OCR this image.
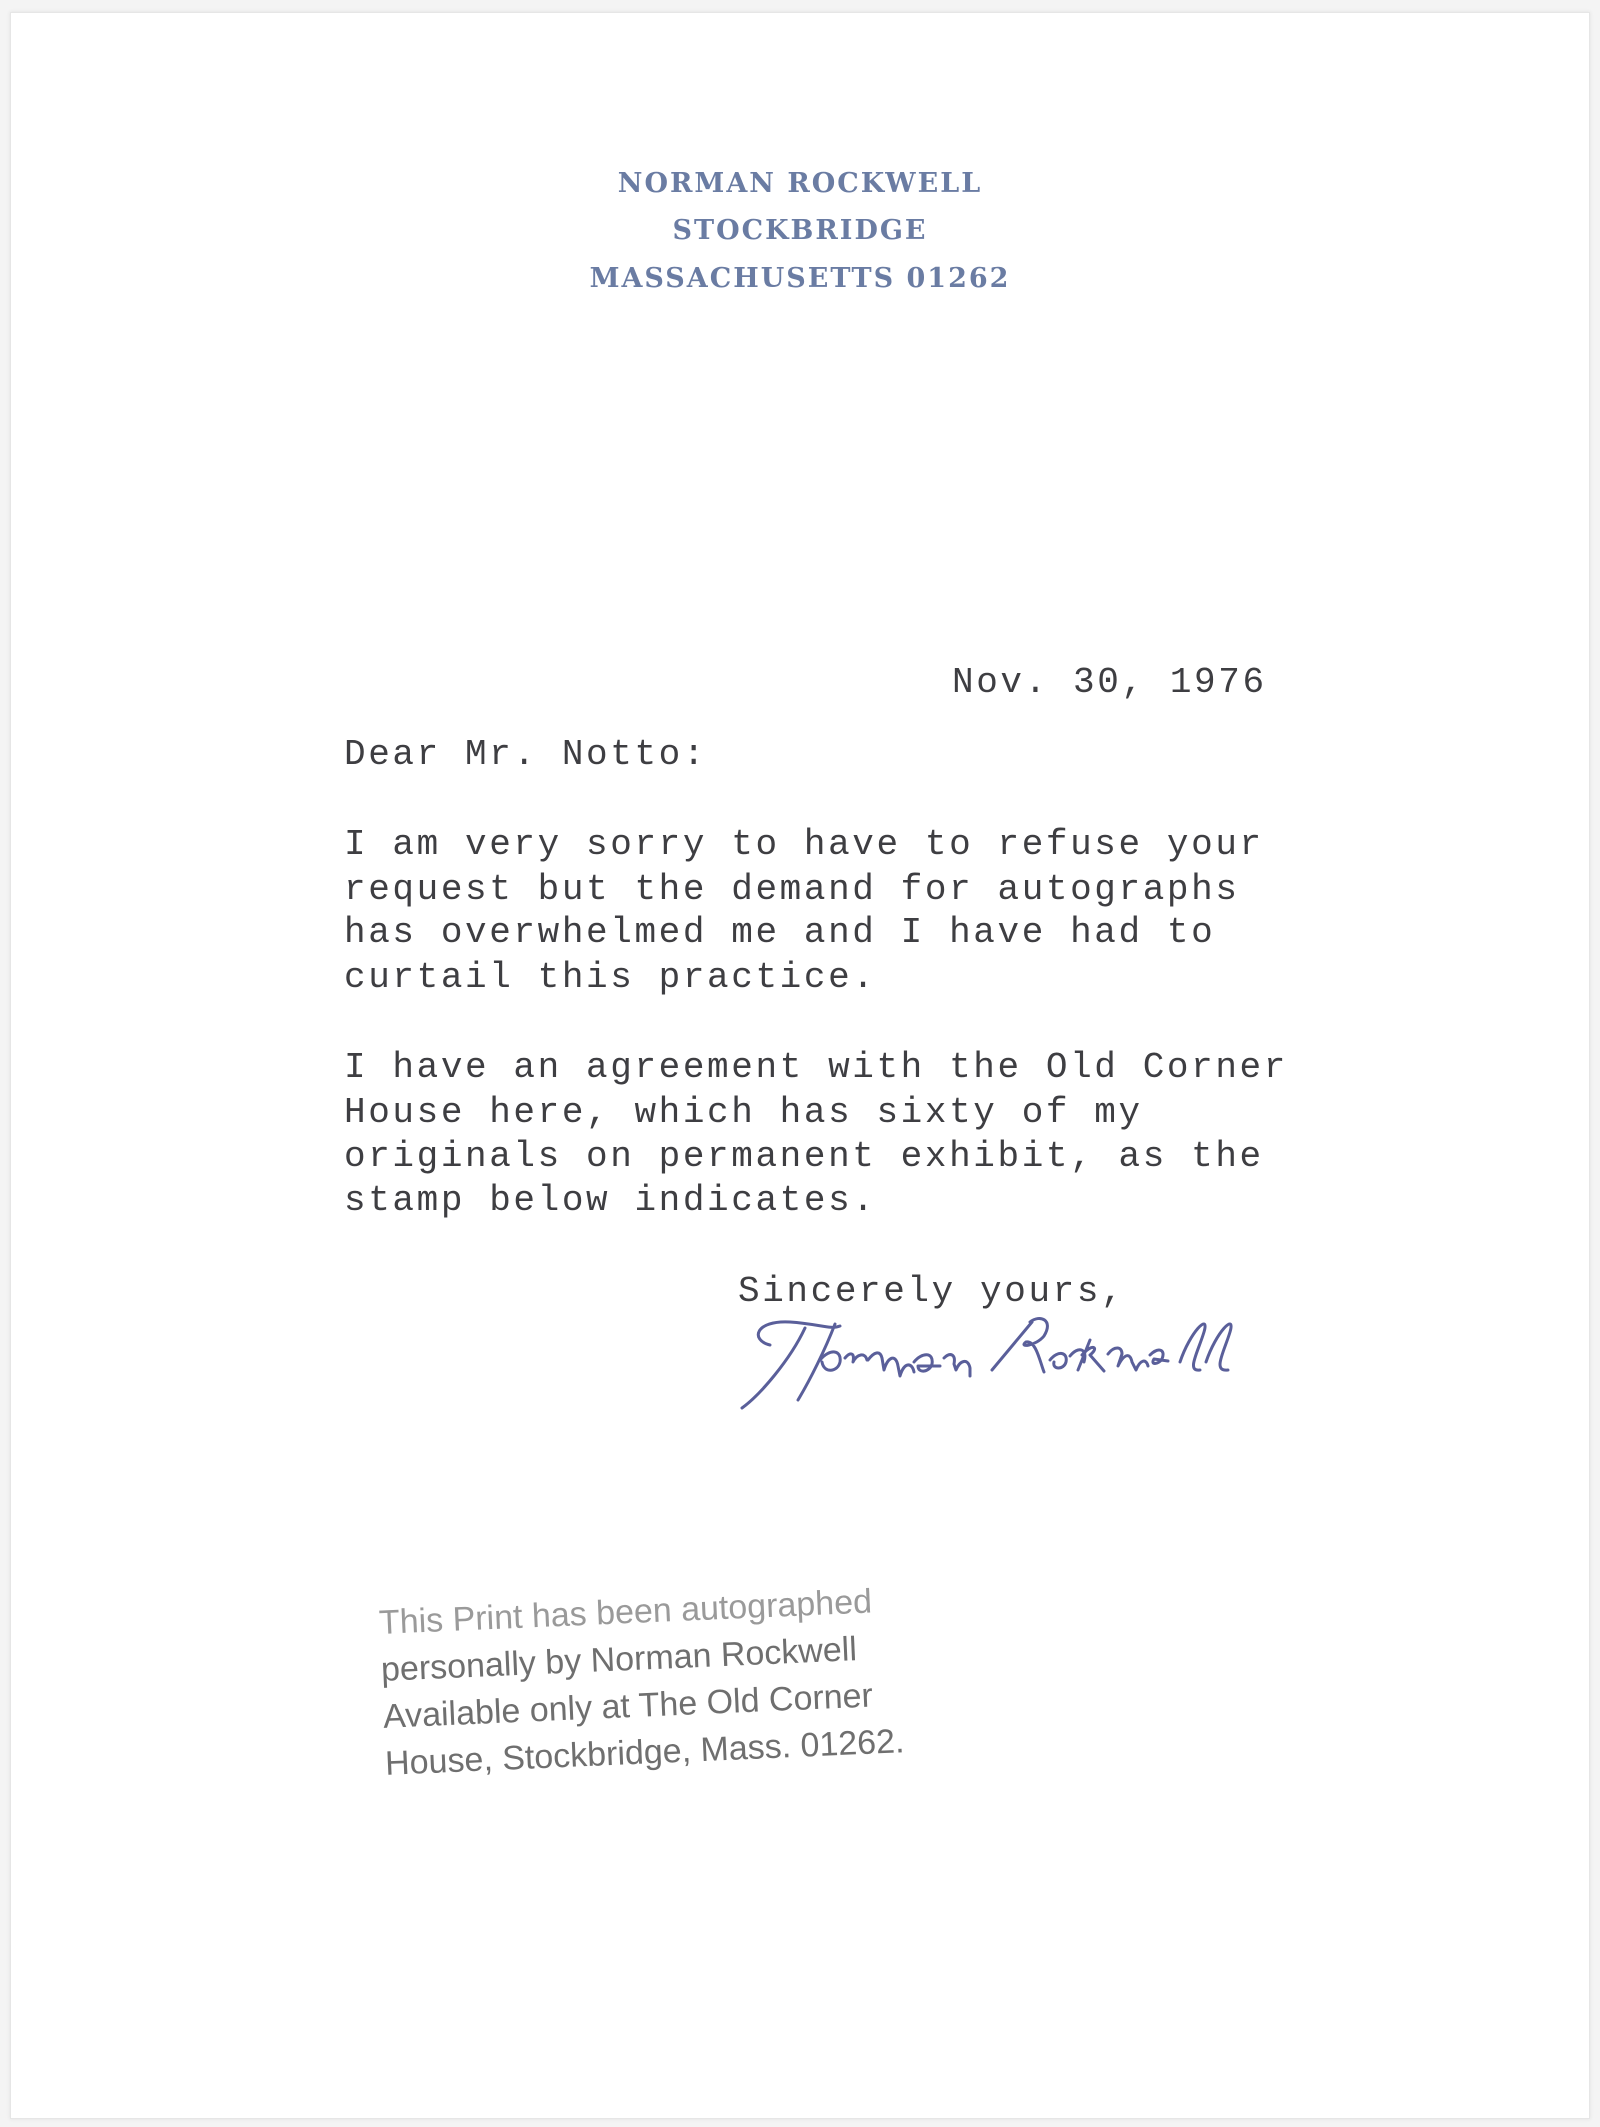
NORMAN ROCKWELL
STOCKBRIDGE
MASSACHUSETTS 01262
Nov. 30, 1976
Dear Mr. Notto:
I am very sorry to have to refuse your
request but the demand for autographs
has overwhelmed me and I have had to
curtail this practice.
I have an agreement with the Old Corner
House here, which has sixty of my
originals on permanent exhibit, as the
stamp below indicates.
Sincerely yours,
This Print has been autographed
personally by Norman Rockwell
Available only at The Old Corner
House, Stockbridge, Mass. 01262.
